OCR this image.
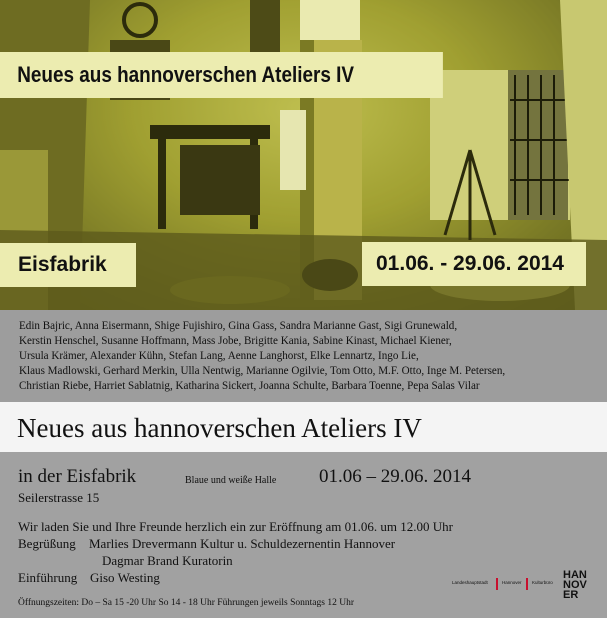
Neues aus hannoverschen Ateliers IV
Eisfabrik	01.06. - 29.06. 2014
Edin Bajric, Anna Eisermann, Shige Fujishiro, Gina Gass, Sandra Marianne Gast, Sigi Grunewald,
Kerstin Henschel, Susanne Hoffmann, Mass Jobe, Brigitte Kania, Sabine Kinast, Michael Kiener,
Ursula Krämer, Alexander Kühn, Stefan Lang, Aenne Langhorst, Elke Lennartz, Ingo Lie,
Klaus Madlowski, Gerhard Merkin, Ulla Nentwig, Marianne Ogilvie, Tom Otto, M.F. Otto, Inge M. Petersen,
Christian Riebe, Harriet Sablatnig, Katharina Sickert, Joanna Schulte, Barbara Toenne, Pepa Salas Vilar
Neues aus hannoverschen Ateliers IV
in der Eisfabrik	Blaue und weiße Halle 01.06 – 29.06. 2014
Seilerstrasse 15
Wir laden Sie und Ihre Freunde herzlich ein zur Eröffnung am 01.06. um 12.00 Uhr
Begrüßung Marlies Drevermann Kultur u. Schuldezernentin Hannover
Dagmar Brand Kuratorin
Einführung Giso Westing
Öffnungszeiten: Do – Sa 15 -20 Uhr So 14 - 18 Uhr Führungen jeweils Sonntags 12 Uhr
Landeshauptstadt	Hannover Kulturbüro
HAN
NOV
ER
